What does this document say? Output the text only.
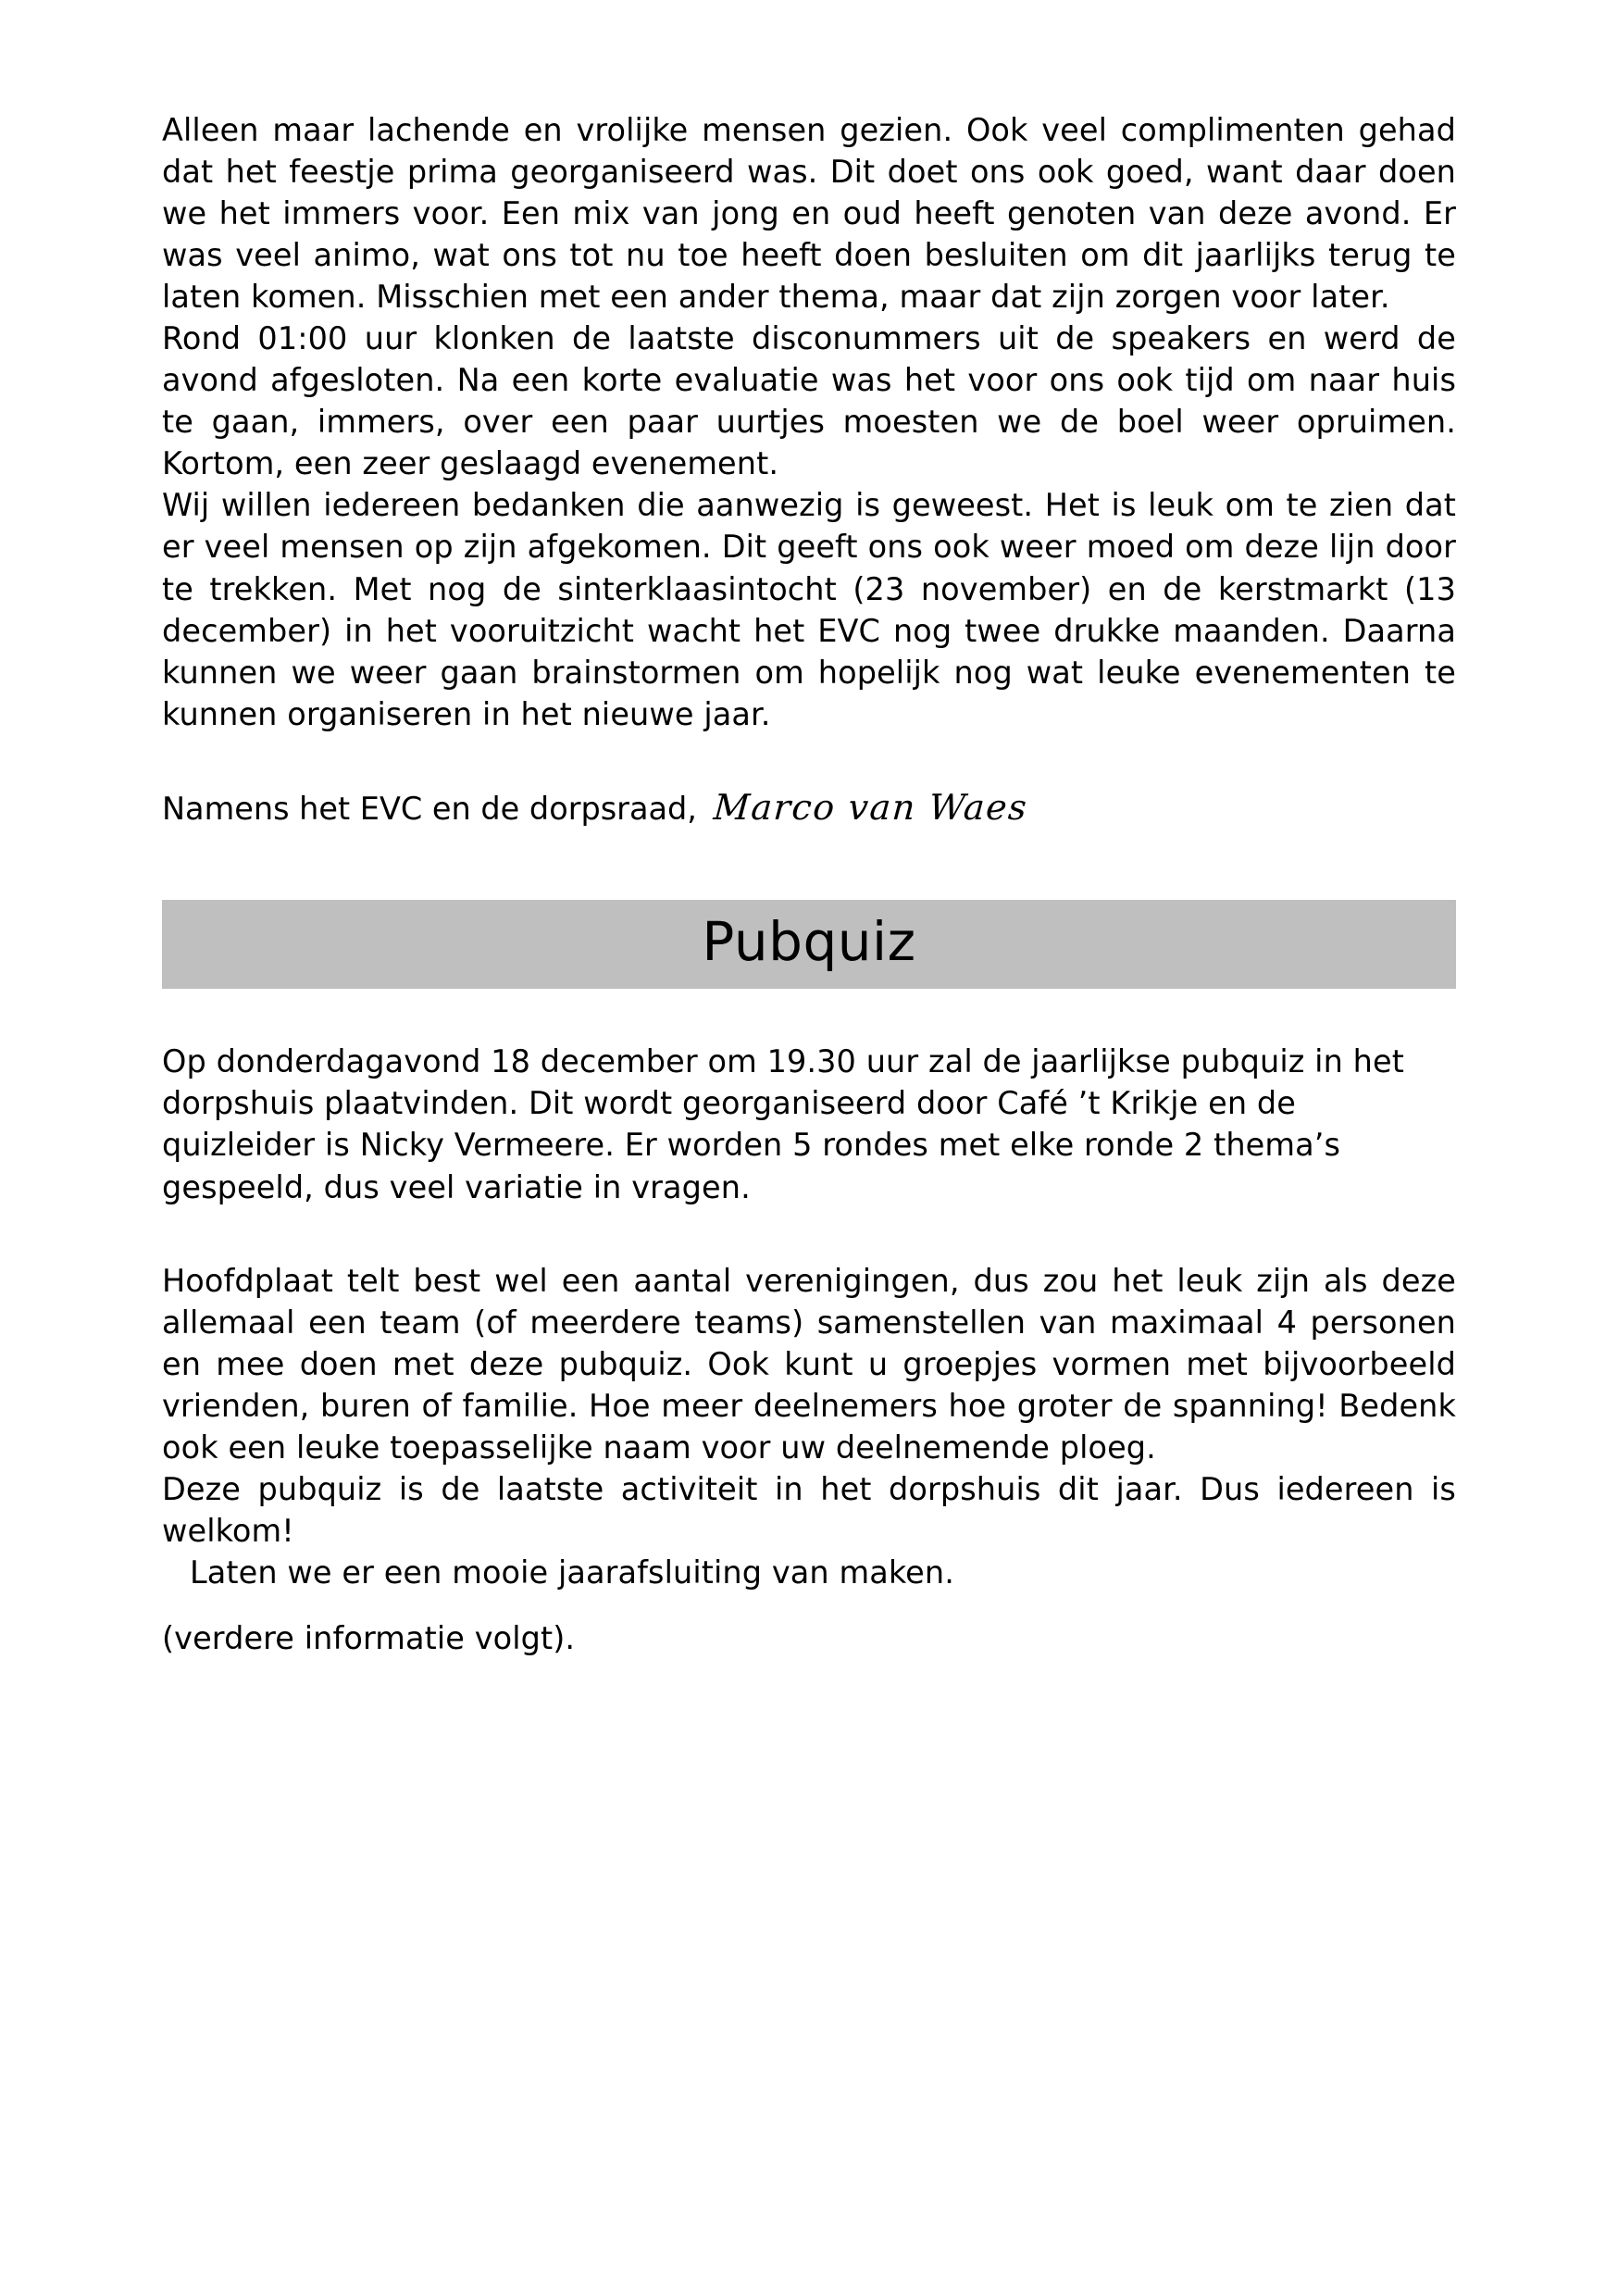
Alleen maar lachende en vrolijke mensen gezien. Ook veel complimenten gehad dat het feestje prima georganiseerd was. Dit doet ons ook goed, want daar doen we het immers voor. Een mix van jong en oud heeft genoten van deze avond. Er was veel animo, wat ons tot nu toe heeft doen besluiten om dit jaarlijks terug te laten komen. Misschien met een ander thema, maar dat zijn zorgen voor later.

Rond 01:00 uur klonken de laatste disconummers uit de speakers en werd de avond afgesloten. Na een korte evaluatie was het voor ons ook tijd om naar huis te gaan, immers, over een paar uurtjes moesten we de boel weer opruimen. Kortom, een zeer geslaagd evenement.

Wij willen iedereen bedanken die aanwezig is geweest. Het is leuk om te zien dat er veel mensen op zijn afgekomen. Dit geeft ons ook weer moed om deze lijn door te trekken. Met nog de sinterklaasintocht (23 november) en de kerstmarkt (13 december) in het vooruitzicht wacht het EVC nog twee drukke maanden. Daarna kunnen we weer gaan brainstormen om hopelijk nog wat leuke evenementen te kunnen organiseren in het nieuwe jaar.

Namens het EVC en de dorpsraad, Marco van Waes
Pubquiz

Op donderdagavond 18 december om 19.30 uur zal de jaarlijkse pubquiz in het dorpshuis plaatvinden. Dit wordt georganiseerd door Café ’t Krikje en de quizleider is Nicky Vermeere. Er worden 5 rondes met elke ronde 2 thema’s gespeeld, dus veel variatie in vragen.

Hoofdplaat telt best wel een aantal verenigingen, dus zou het leuk zijn als deze allemaal een team (of meerdere teams) samenstellen van maximaal 4 personen en mee doen met deze pubquiz. Ook kunt u groepjes vormen met bijvoorbeeld vrienden, buren of familie. Hoe meer deelnemers hoe groter de spanning! Bedenk ook een leuke toepasselijke naam voor uw deelnemende ploeg.

Deze pubquiz is de laatste activiteit in het dorpshuis dit jaar. Dus iedereen is welkom!

Laten we er een mooie jaarafsluiting van maken.

(verdere informatie volgt).
